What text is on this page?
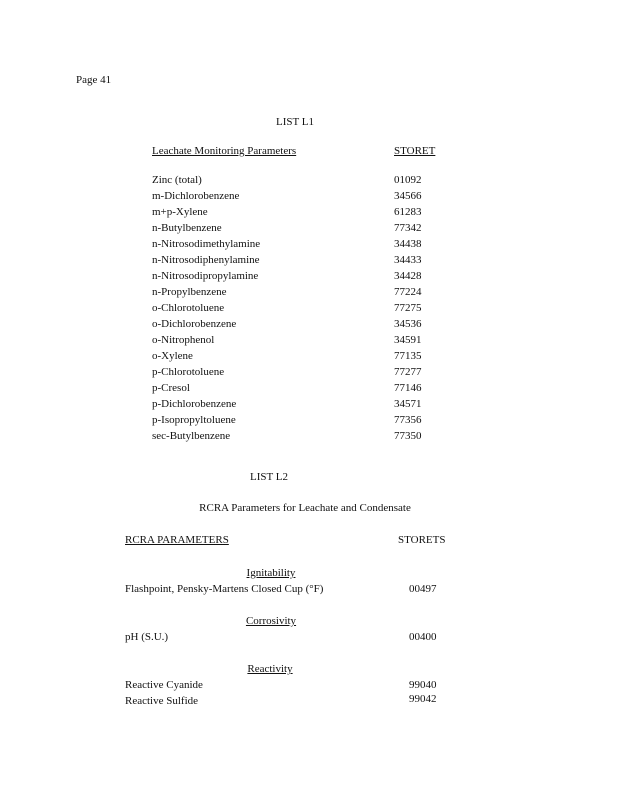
Page 41
LIST L1
Leachate Monitoring Parameters	STORET
Zinc (total)	01092
m-Dichlorobenzene	34566
m+p-Xylene	61283
n-Butylbenzene	77342
n-Nitrosodimethylamine	34438
n-Nitrosodiphenylamine	34433
n-Nitrosodipropylamine	34428
n-Propylbenzene	77224
o-Chlorotoluene	77275
o-Dichlorobenzene	34536
o-Nitrophenol	34591
o-Xylene	77135
p-Chlorotoluene	77277
p-Cresol	77146
p-Dichlorobenzene	34571
p-Isopropyltoluene	77356
sec-Butylbenzene	77350
LIST L2
RCRA Parameters for Leachate and Condensate
RCRA PARAMETERS	STORETS
Ignitability
Flashpoint, Pensky-Martens Closed Cup (°F)	00497
Corrosivity
pH (S.U.)	00400
Reactivity
Reactive Cyanide	99040
Reactive Sulfide	99042
